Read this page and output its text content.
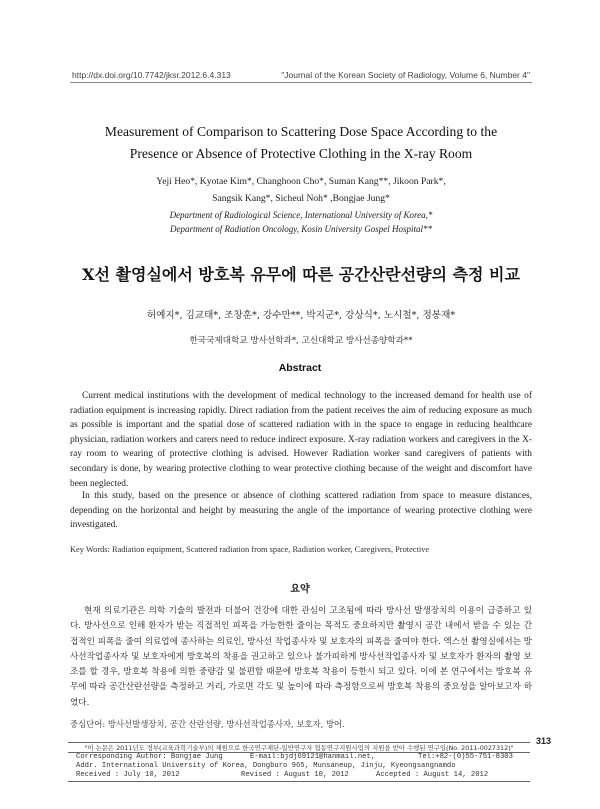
http://dx.doi.org/10.7742/jksr.2012.6.4.313	"Journal of the Korean Society of Radiology, Volume 6, Number 4"
Measurement of Comparison to Scattering Dose Space According to the
Presence or Absence of Protective Clothing in the X-ray Room
Yeji Heo*, Kyotae Kim*, Changhoon Cho*, Suman Kang**, Jikoon Park*,
Sangsik Kang*, Sicheul Noh* ,Bongjae Jung*
Department of Radiological Science, International University of Korea,*
Department of Radiation Oncology, Kosin University Gospel Hospital**
X선 촬영실에서 방호복 유무에 따른 공간산란선량의 측정 비교
허예지*, 김교태*, 조창훈*, 강수만**, 박지군*, 강상식*, 노시철*, 정봉재*
한국국제대학교 방사선학과*, 고신대학교 방사선종양학과**
Abstract

Current medical institutions with the development of medical technology to the increased demand for health use of radiation equipment is increasing rapidly. Direct radiation from the patient receives the aim of reducing exposure as much as possible is important and the spatial dose of scattered radiation with in the space to engage in reducing healthcare physician, radiation workers and carers need to reduce indirect exposure. X-ray radiation workers and caregivers in the X-ray room to wearing of protective clothing is advised. However Radiation worker sand caregivers of patients with secondary is done, by wearing protective clothing to wear protective clothing because of the weight and discomfort have been neglected.

In this study, based on the presence or absence of clothing scattered radiation from space to measure distances, depending on the horizontal and height by measuring the angle of the importance of wearing protective clothing were investigated.

Key Words: Radiation equipment, Scattered radiation from space, Radiation worker, Caregivers, Protective
요약

현재 의료기관은 의학 기술의 발전과 더불어 건강에 대한 관심이 고조됨에 따라 방사선 발생장치의 이용이 급증하고 있다. 방사선으로 인해 환자가 받는 직접적인 피폭을 가능한한 줄이는 목적도 중요하지만 촬영시 공간 내에서 받을 수 있는 간접적인 피폭을 줄여 의료업에 종사하는 의료인, 방사선 작업종사자 및 보호자의 피폭을 줄여야 한다. 엑스선 촬영실에서는 방사선작업종사자 및 보호자에게 방호복의 착용을 권고하고 있으나 불가피하게 방사선작업종사자 및 보호자가 환자의 촬영 보조를 할 경우, 방호복 착용에 의한 중량감 및 불편함 때문에 방호복 착용이 등한시 되고 있다. 이에 본 연구에서는 방호복 유무에 따라 공간산란선량을 측정하고 거리, 가로면 각도 및 높이에 따라 측정함으로써 방호복 착용의 중요성을 알아보고자 하였다.

중심단어: 방사선발생장치, 공간 산란선량, 방사선작업종사자, 보호자, 방어.
"이 논문은 2011년도 정부(교육과학기술부)의 재원으로 한국연구재단-일반연구자 협동연구지원사업의 지원을 받아 수행된 연구임(No. 2011-0027312)"
Corresponding Author: Bongjae Jung	E-mail:bjdj69121@hanmail.net,	Tel:+82-(0)55-751-8303
Addr. International University of Korea, Dongburo 965, Munsaneup, Jinju, Kyeongsangnamdo
Received : July 10, 2012	Revised : August 10, 2012	Accepted : August 14, 2012
313
